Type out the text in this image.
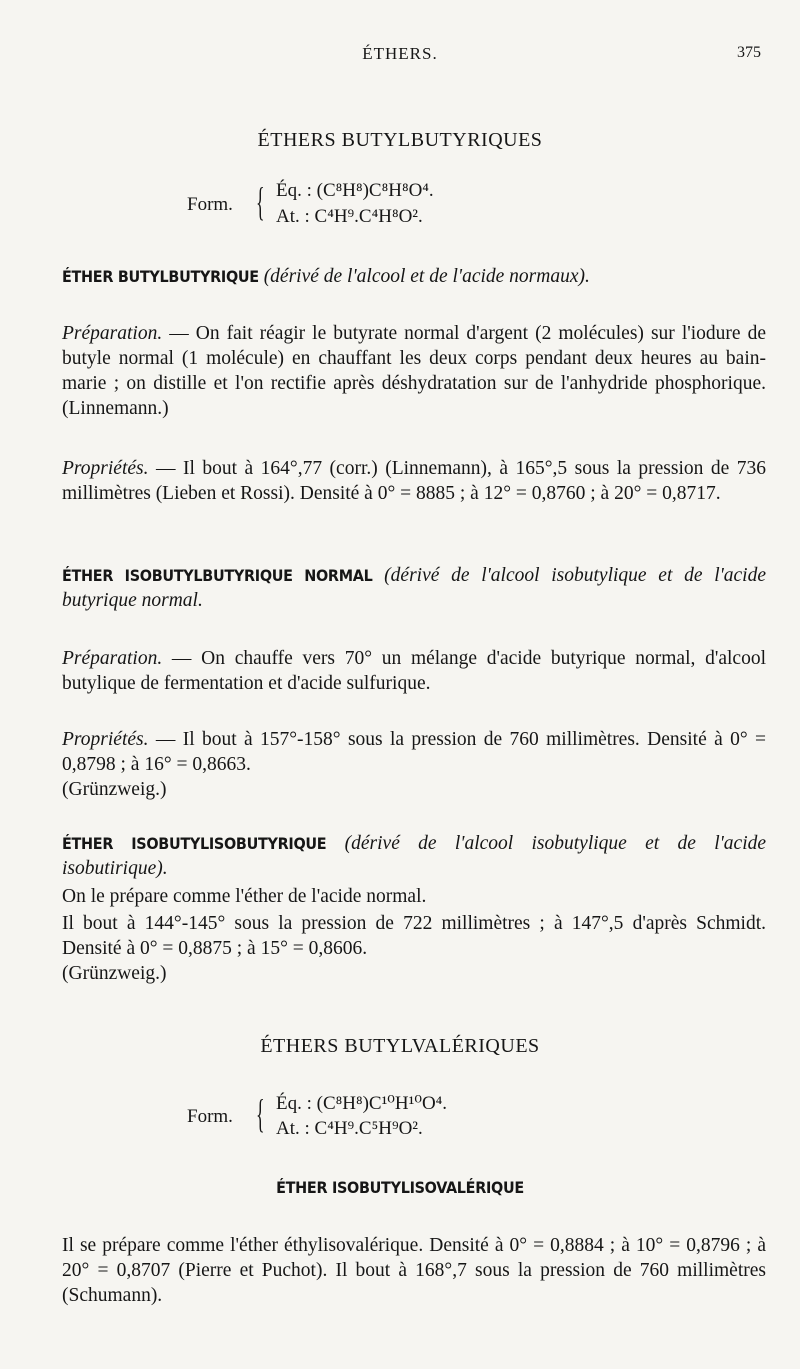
ÉTHERS.	375
ÉTHERS BUTYLBUTYRIQUES
Form. { Éq. : (C⁸H⁸)C⁸H⁸O⁴.
At. : C⁴H⁹.C⁴H⁸O².
ÉTHER BUTYLBUTYRIQUE (dérivé de l'alcool et de l'acide normaux).
Préparation. — On fait réagir le butyrate normal d'argent (2 molécules) sur l'iodure de butyle normal (1 molécule) en chauffant les deux corps pendant deux heures au bain-marie ; on distille et l'on rectifie après déshydratation sur de l'anhydride phosphorique. (Linnemann.)
Propriétés. — Il bout à 164°,77 (corr.) (Linnemann), à 165°,5 sous la pression de 736 millimètres (Lieben et Rossi). Densité à 0° = 8885 ; à 12° = 0,8760 ; à 20° = 0,8717.
ÉTHER ISOBUTYLBUTYRIQUE NORMAL (dérivé de l'alcool isobutylique et de l'acide butyrique normal.
Préparation. — On chauffe vers 70° un mélange d'acide butyrique normal, d'alcool butylique de fermentation et d'acide sulfurique.
Propriétés. — Il bout à 157°-158° sous la pression de 760 millimètres. Densité à 0° = 0,8798 ; à 16° = 0,8663.
(Grünzweig.)
ÉTHER ISOBUTYLISOBUTYRIQUE (dérivé de l'alcool isobutylique et de l'acide isobutirique).
On le prépare comme l'éther de l'acide normal.
Il bout à 144°-145° sous la pression de 722 millimètres ; à 147°,5 d'après Schmidt. Densité à 0° = 0,8875 ; à 15° = 0,8606.
(Grünzweig.)
ÉTHERS BUTYLVALÉRIQUES
Form. { Éq. : (C⁸H⁸)C¹⁰H¹⁰O⁴.
At. : C⁴H⁹.C⁵H⁹O².
ÉTHER ISOBUTYLISOVALÉRIQUE
Il se prépare comme l'éther éthylisovalérique. Densité à 0° = 0,8884 ; à 10° = 0,8796 ; à 20° = 0,8707 (Pierre et Puchot). Il bout à 168°,7 sous la pression de 760 millimètres (Schumann).
